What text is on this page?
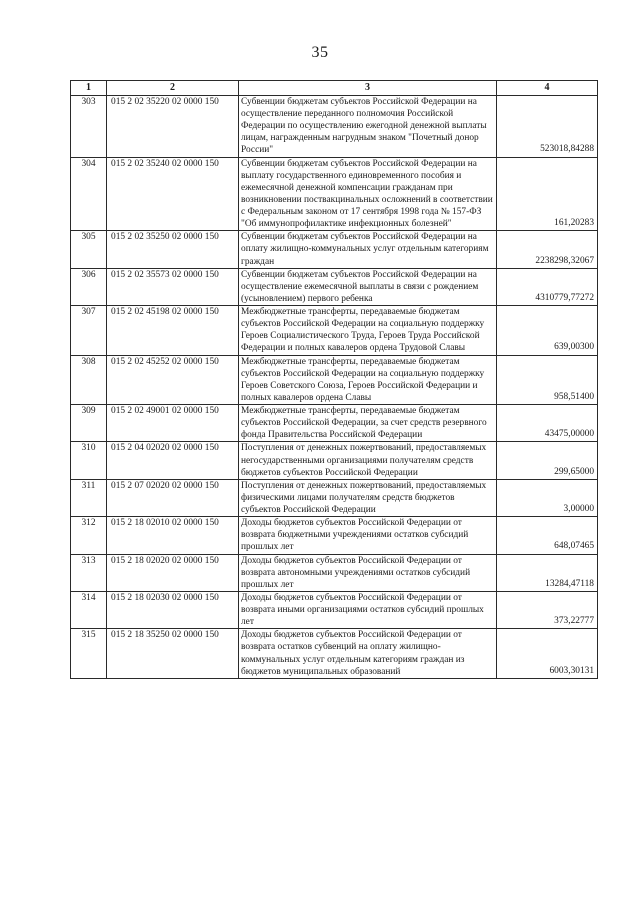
35
1	2	3	4
303	015 2 02 35220 02 0000 150	Субвенции бюджетам субъектов Российской Федерации на осуществление переданного полномочия Российской Федерации по осуществлению ежегодной денежной выплаты лицам, награжденным нагрудным знаком "Почетный донор России"	523018,84288
304	015 2 02 35240 02 0000 150	Субвенции бюджетам субъектов Российской Федерации на выплату государственного единовременного пособия и ежемесячной денежной компенсации гражданам при возникновении поствакцинальных осложнений в соответствии с Федеральным законом от 17 сентября 1998 года № 157-ФЗ "Об иммунопрофилактике инфекционных болезней"	161,20283
305	015 2 02 35250 02 0000 150	Субвенции бюджетам субъектов Российской Федерации на оплату жилищно-коммунальных услуг отдельным категориям граждан	2238298,32067
306	015 2 02 35573 02 0000 150	Субвенции бюджетам субъектов Российской Федерации на осуществление ежемесячной выплаты в связи с рождением (усыновлением) первого ребенка	4310779,77272
307	015 2 02 45198 02 0000 150	Межбюджетные трансферты, передаваемые бюджетам субъектов Российской Федерации на социальную поддержку Героев Социалистического Труда, Героев Труда Российской Федерации и полных кавалеров ордена Трудовой Славы	639,00300
308	015 2 02 45252 02 0000 150	Межбюджетные трансферты, передаваемые бюджетам субъектов Российской Федерации на социальную поддержку Героев Советского Союза, Героев Российской Федерации и полных кавалеров ордена Славы	958,51400
309	015 2 02 49001 02 0000 150	Межбюджетные трансферты, передаваемые бюджетам субъектов Российской Федерации, за счет средств резервного фонда Правительства Российской Федерации	43475,00000
310	015 2 04 02020 02 0000 150	Поступления от денежных пожертвований, предоставляемых негосударственными организациями получателям средств бюджетов субъектов Российской Федерации	299,65000
311	015 2 07 02020 02 0000 150	Поступления от денежных пожертвований, предоставляемых физическими лицами получателям средств бюджетов субъектов Российской Федерации	3,00000
312	015 2 18 02010 02 0000 150	Доходы бюджетов субъектов Российской Федерации от возврата бюджетными учреждениями остатков субсидий прошлых лет	648,07465
313	015 2 18 02020 02 0000 150	Доходы бюджетов субъектов Российской Федерации от возврата автономными учреждениями остатков субсидий прошлых лет	13284,47118
314	015 2 18 02030 02 0000 150	Доходы бюджетов субъектов Российской Федерации от возврата иными организациями остатков субсидий прошлых лет	373,22777
315	015 2 18 35250 02 0000 150	Доходы бюджетов субъектов Российской Федерации от возврата остатков субвенций на оплату жилищно-коммунальных услуг отдельным категориям граждан из бюджетов муниципальных образований	6003,30131
